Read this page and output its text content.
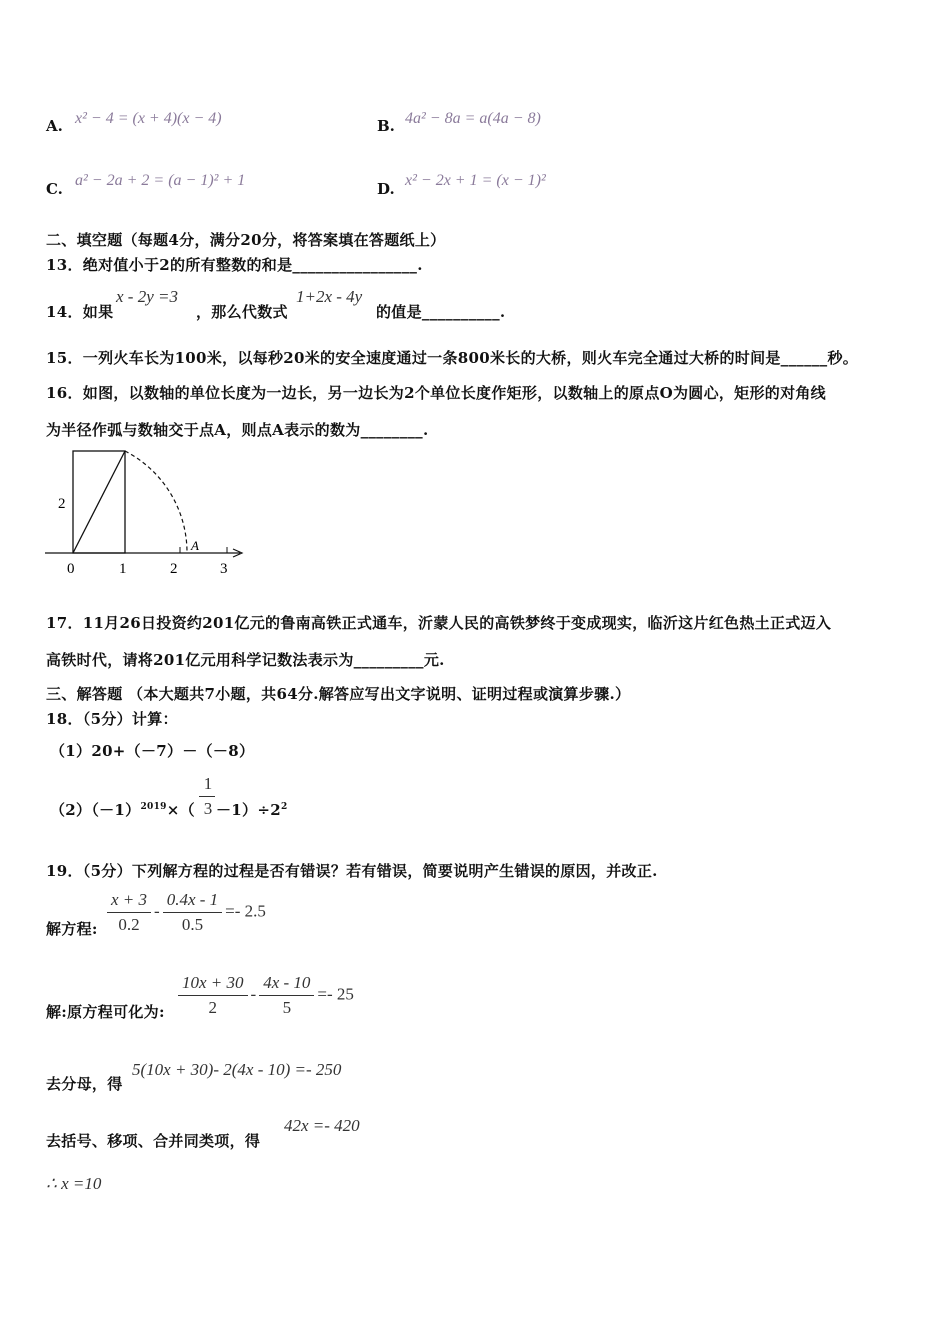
A. x² − 4 = (x + 4)(x − 4)	B. 4a² − 8a = a(4a − 8)
C. a² − 2a + 2 = (a − 1)² + 1	D. x² − 2x + 1 = (x − 1)²
二、填空题（每题4分，满分20分，将答案填在答题纸上）
13．绝对值小于2的所有整数的和是________________.
14．如果
x - 2y =3
，那么代数式
1+2x - 4y
的值是__________.
15．一列火车长为100米，以每秒20米的安全速度通过一条800米长的大桥，则火车完全通过大桥的时间是______秒。
16．如图，以数轴的单位长度为一边长，另一边长为2个单位长度作矩形，以数轴上的原点O为圆心，矩形的对角线
为半径作弧与数轴交于点A，则点A表示的数为________.
2
A
0	1	2	3
17．11月26日投资约201亿元的鲁南高铁正式通车，沂蒙人民的高铁梦终于变成现实，临沂这片红色热土正式迈入
高铁时代，请将201亿元用科学记数法表示为_________元.
三、解答题 （本大题共7小题，共64分.解答应写出文字说明、证明过程或演算步骤.）
18．（5分）计算：
（1）20+（－7）－（－8）
$(2)(-1)^{2019}\times$（
1
$3 -1)\div 2^2$
19．（5分）下列解方程的过程是否有错误？若有错误，简要说明产生错误的原因，并改正.
解方程: $\frac{x + 3}{0.2} - \frac{0.4x - 1}{0.5} =- 2.5$
解:原方程可化为: $\frac{10x + 30}{2} - \frac{4x - 10}{5} =- 25$
去分母，得
5(10x + 30)- 2(4x - 10) =- 250
去括号、移项、合并同类项，得
42x =- 420
∴ x =10
